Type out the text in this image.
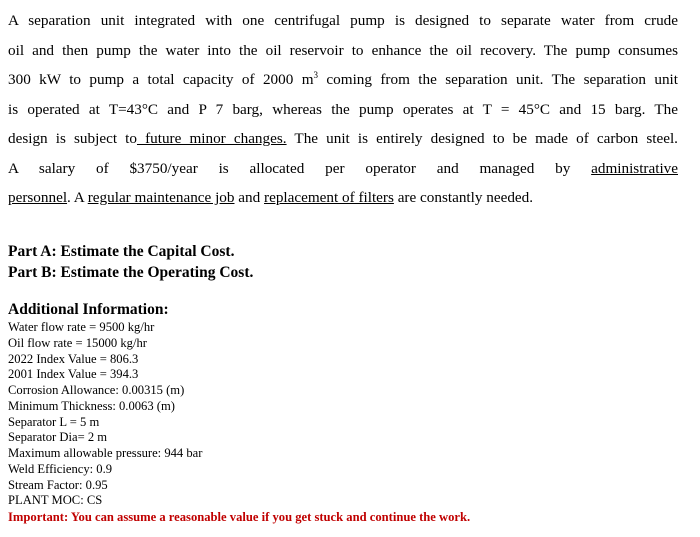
A separation unit integrated with one centrifugal pump is designed to separate water from crude
oil and then pump the water into the oil reservoir to enhance the oil recovery. The pump consumes
300 kW to pump a total capacity of 2000 $m^3$ coming from the separation unit. The separation unit
is operated at T=43°C and P 7 barg, whereas the pump operates at T = 45°C and 15 barg. The
design is subject to future minor changes. The unit is entirely designed to be made of carbon steel.
A salary of $3750/year is allocated per operator and managed by administrative
personnel. A regular maintenance job and replacement of filters are constantly needed.
Part A: Estimate the Capital Cost.
Part B: Estimate the Operating Cost.
Additional Information:
Water flow rate = 9500 kg/hr
Oil flow rate = 15000 kg/hr
2022 Index Value = 806.3
2001 Index Value = 394.3
Corrosion Allowance: 0.00315 (m)
Minimum Thickness: 0.0063 (m)
Separator L = 5 m
Separator Dia= 2 m
Maximum allowable pressure: 944 bar
Weld Efficiency: 0.9
Stream Factor: 0.95
PLANT MOC: CS
Important: You can assume a reasonable value if you get stuck and continue the work.
